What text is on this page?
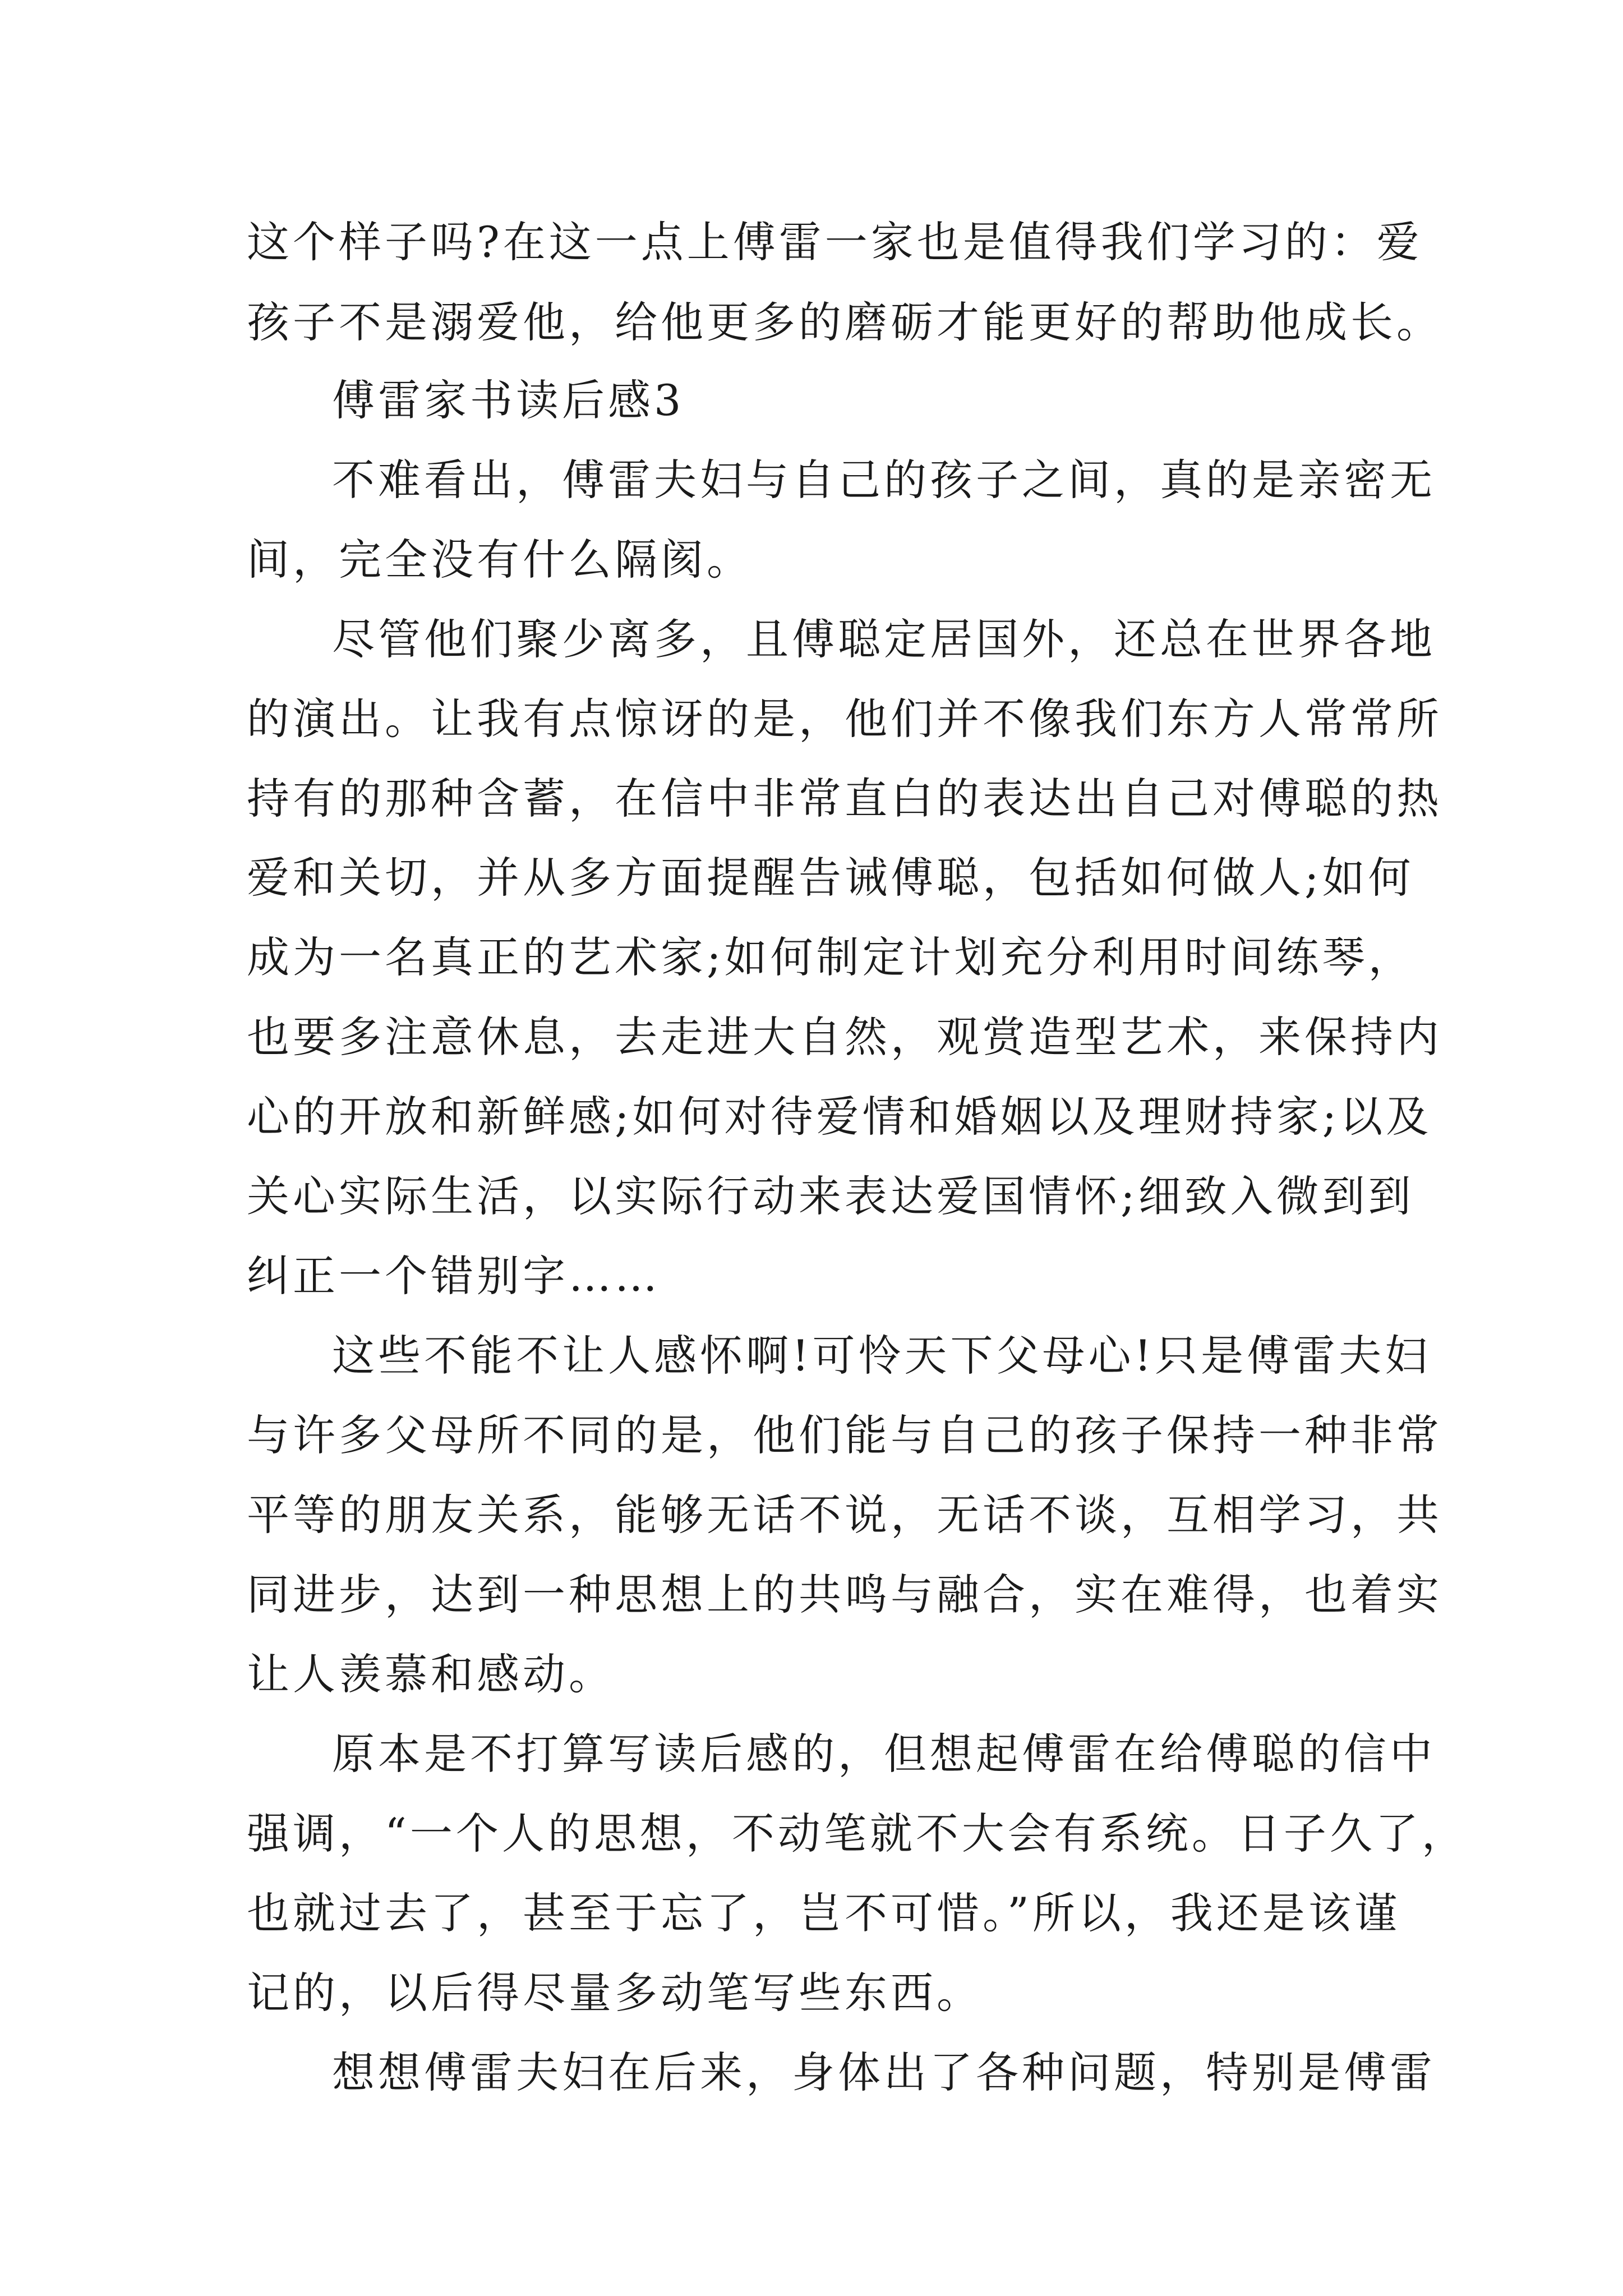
这个样子吗?在这一点上傅雷一家也是值得我们学习的：爱
孩子不是溺爱他，给他更多的磨砺才能更好的帮助他成长。
傅雷家书读后感3
不难看出，傅雷夫妇与自己的孩子之间，真的是亲密无
间，完全没有什么隔阂。
尽管他们聚少离多，且傅聪定居国外，还总在世界各地
的演出。让我有点惊讶的是，他们并不像我们东方人常常所
持有的那种含蓄，在信中非常直白的表达出自己对傅聪的热
爱和关切，并从多方面提醒告诫傅聪，包括如何做人;如何
成为一名真正的艺术家;如何制定计划充分利用时间练琴，
也要多注意休息，去走进大自然，观赏造型艺术，来保持内
心的开放和新鲜感;如何对待爱情和婚姻以及理财持家;以及
关心实际生活，以实际行动来表达爱国情怀;细致入微到到
纠正一个错别字……
这些不能不让人感怀啊!可怜天下父母心!只是傅雷夫妇
与许多父母所不同的是，他们能与自己的孩子保持一种非常
平等的朋友关系，能够无话不说，无话不谈，互相学习，共
同进步，达到一种思想上的共鸣与融合，实在难得，也着实
让人羡慕和感动。
原本是不打算写读后感的，但想起傅雷在给傅聪的信中
强调，“一个人的思想，不动笔就不大会有系统。日子久了，
也就过去了，甚至于忘了，岂不可惜。”所以，我还是该谨
记的，以后得尽量多动笔写些东西。
想想傅雷夫妇在后来，身体出了各种问题，特别是傅雷
